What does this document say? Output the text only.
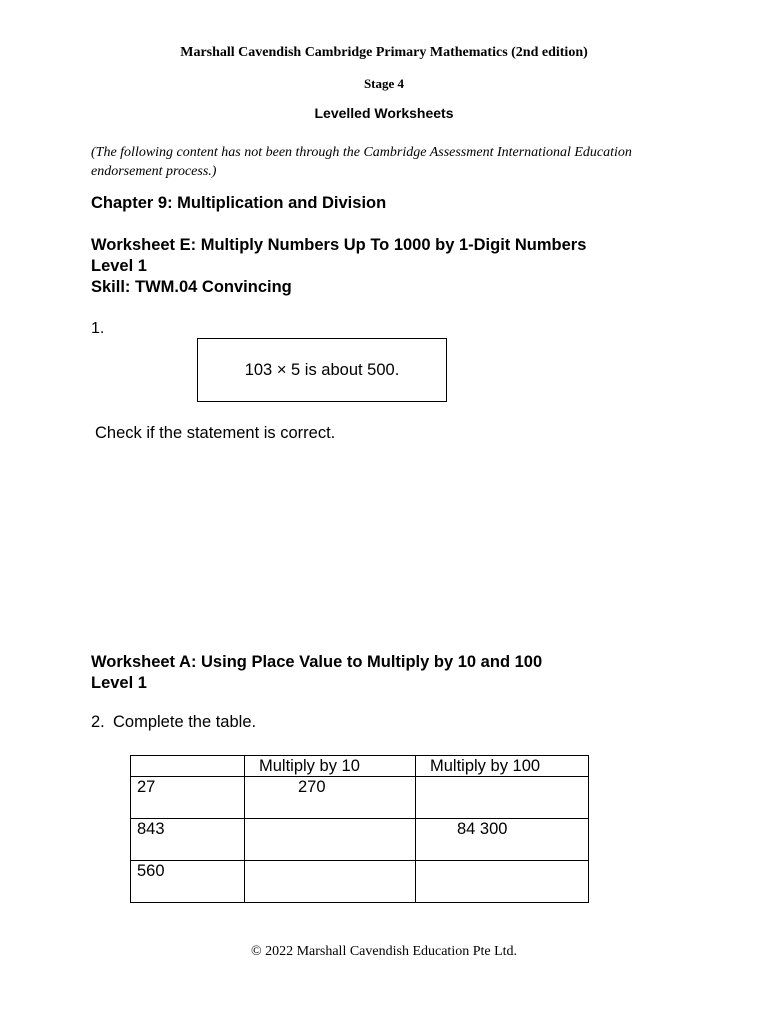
Marshall Cavendish Cambridge Primary Mathematics (2nd edition)
Stage 4
Levelled Worksheets
(The following content has not been through the Cambridge Assessment International Education endorsement process.)
Chapter 9: Multiplication and Division
Worksheet E: Multiply Numbers Up To 1000 by 1-Digit Numbers
Level 1
Skill: TWM.04 Convincing
1.
103 × 5 is about 500.
Check if the statement is correct.
Worksheet A: Using Place Value to Multiply by 10 and 100
Level 1
2. Complete the table.

	Multiply by 10	Multiply by 100

27	270	

843		84 300

560		

© 2022 Marshall Cavendish Education Pte Ltd.
